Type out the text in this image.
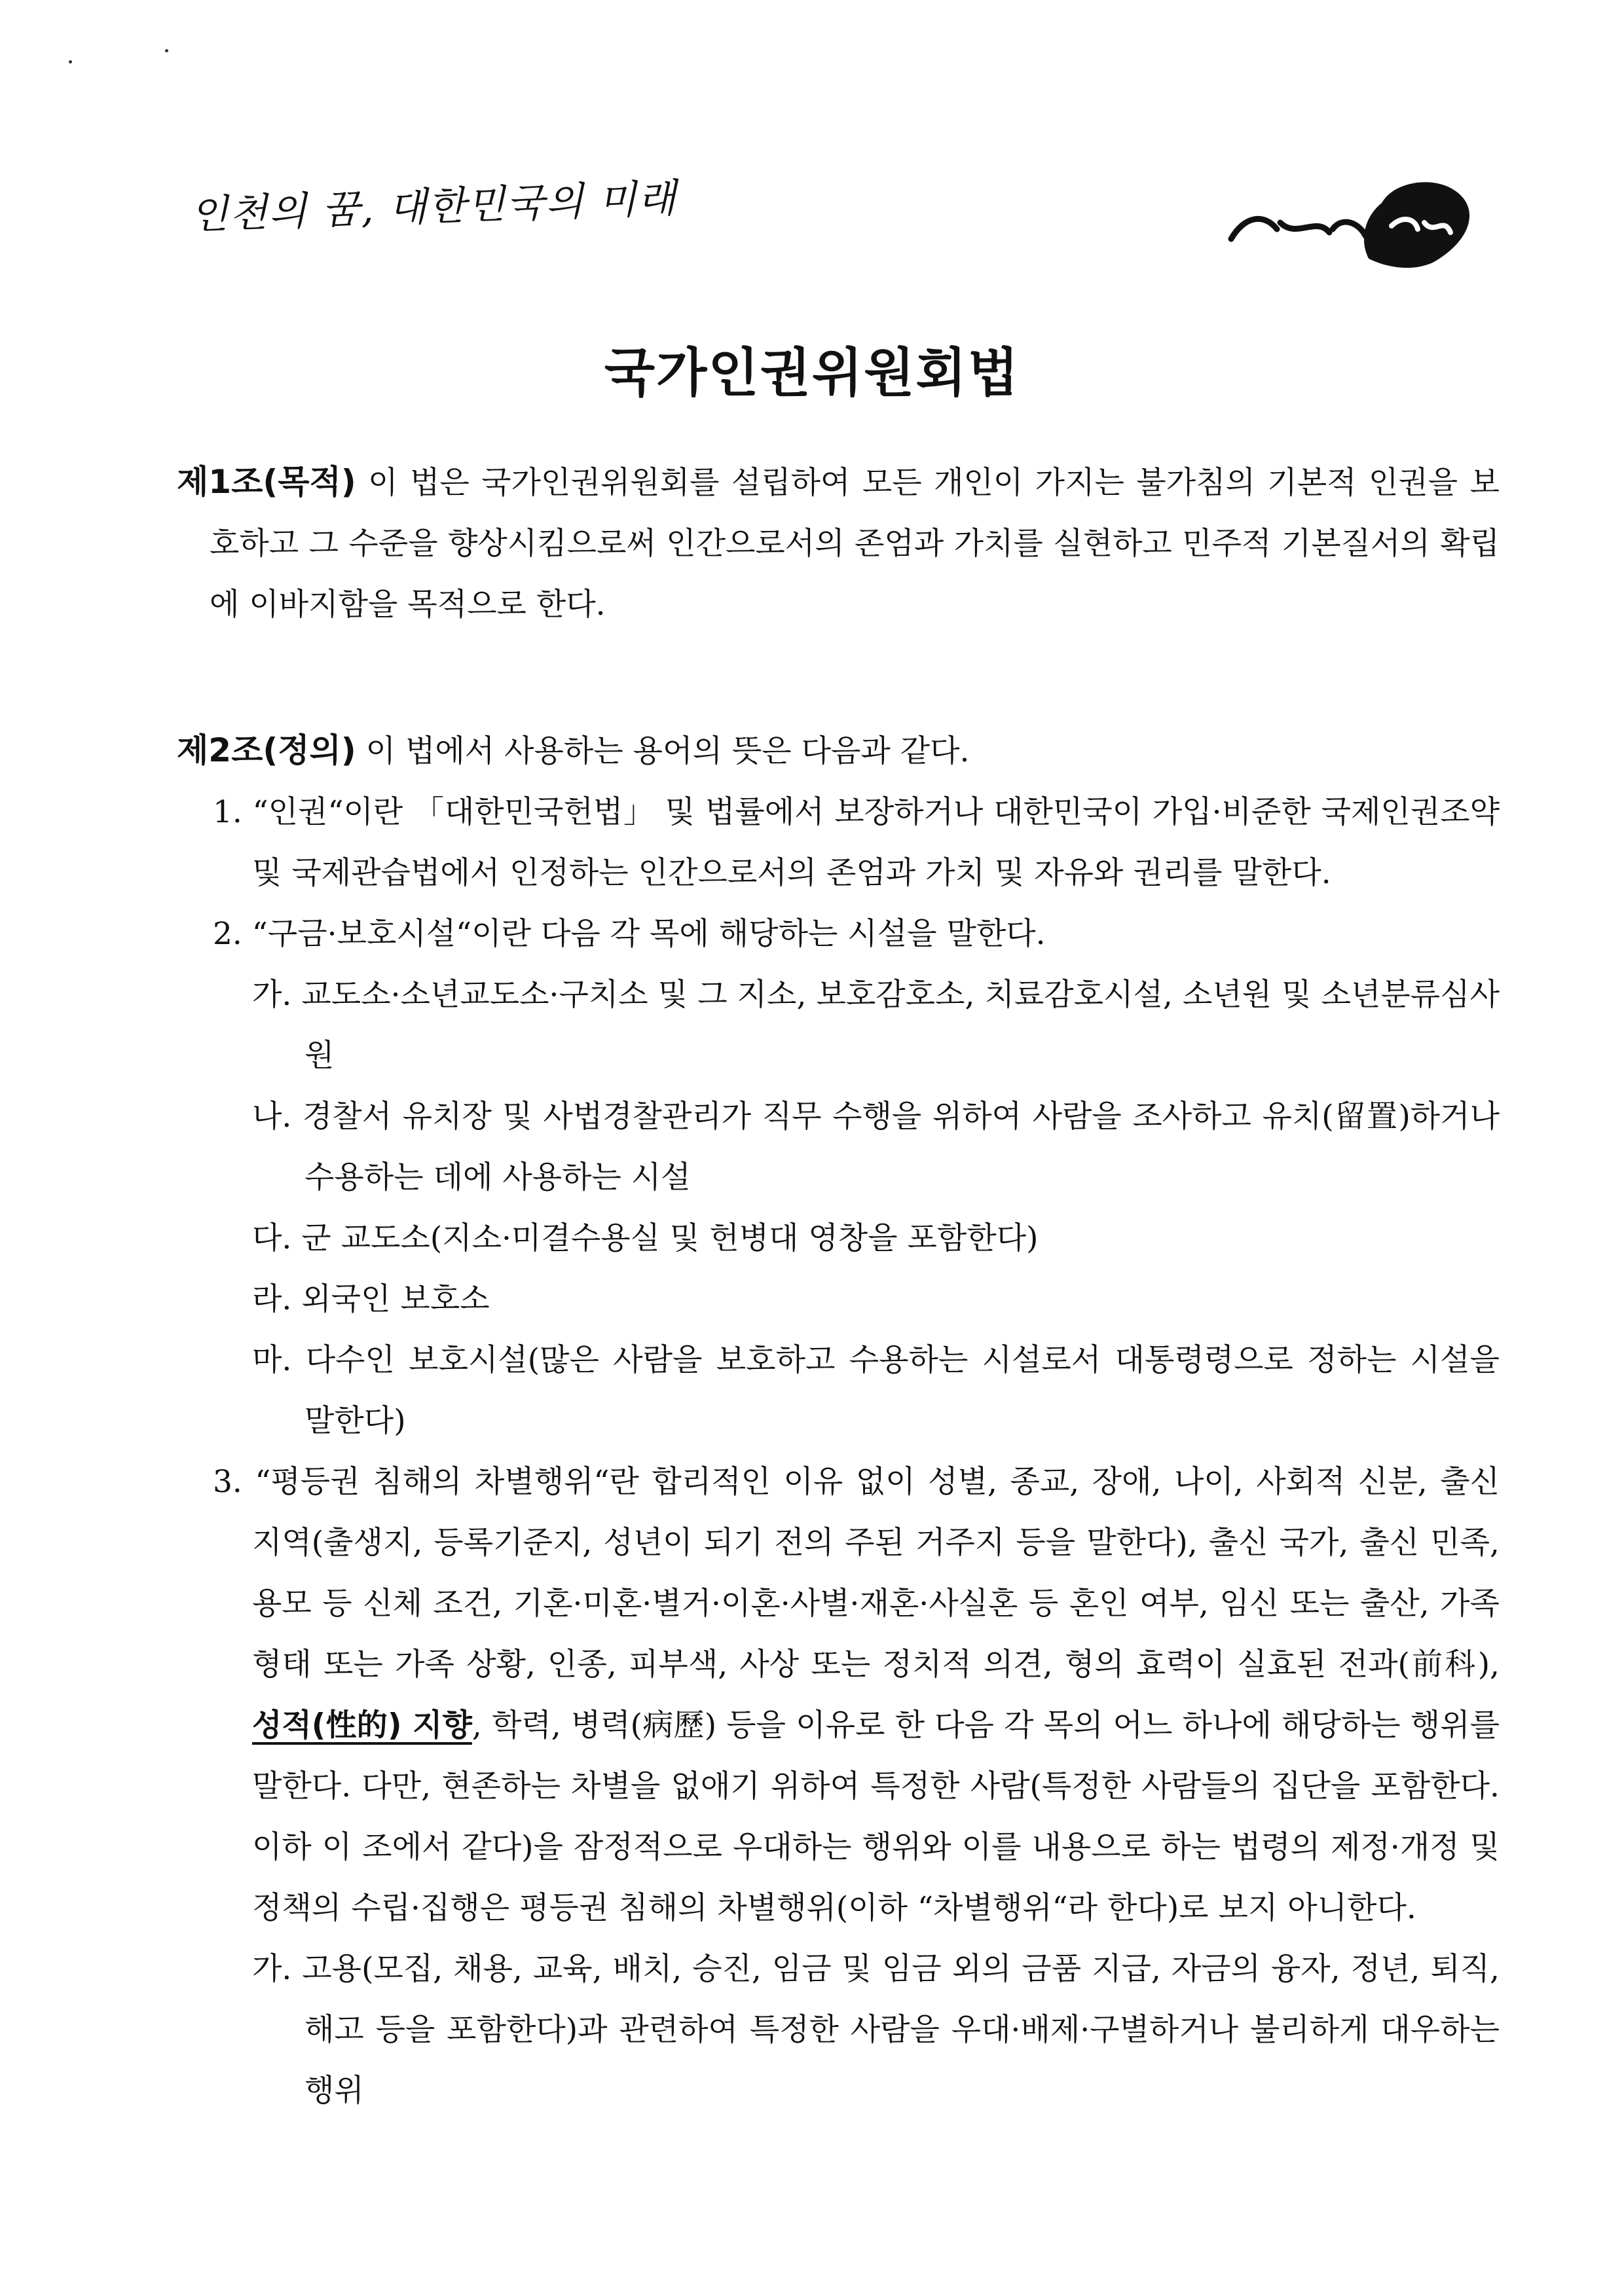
인천의 꿈, 대한민국의 미래
국가인권위원회법
제1조(목적) 이 법은 국가인권위원회를 설립하여 모든 개인이 가지는 불가침의 기본적 인권을 보호하고 그 수준을 향상시킴으로써 인간으로서의 존엄과 가치를 실현하고 민주적 기본질서의 확립에 이바지함을 목적으로 한다.
제2조(정의) 이 법에서 사용하는 용어의 뜻은 다음과 같다.
1. “인권“이란 「대한민국헌법」 및 법률에서 보장하거나 대한민국이 가입·비준한 국제인권조약 및 국제관습법에서 인정하는 인간으로서의 존엄과 가치 및 자유와 권리를 말한다.
2. “구금·보호시설“이란 다음 각 목에 해당하는 시설을 말한다.
가. 교도소·소년교도소·구치소 및 그 지소, 보호감호소, 치료감호시설, 소년원 및 소년분류심사원
나. 경찰서 유치장 및 사법경찰관리가 직무 수행을 위하여 사람을 조사하고 유치(留置)하거나 수용하는 데에 사용하는 시설
다. 군 교도소(지소·미결수용실 및 헌병대 영창을 포함한다)
라. 외국인 보호소
마. 다수인 보호시설(많은 사람을 보호하고 수용하는 시설로서 대통령령으로 정하는 시설을 말한다)
3. “평등권 침해의 차별행위“란 합리적인 이유 없이 성별, 종교, 장애, 나이, 사회적 신분, 출신 지역(출생지, 등록기준지, 성년이 되기 전의 주된 거주지 등을 말한다), 출신 국가, 출신 민족, 용모 등 신체 조건, 기혼·미혼·별거·이혼·사별·재혼·사실혼 등 혼인 여부, 임신 또는 출산, 가족 형태 또는 가족 상황, 인종, 피부색, 사상 또는 정치적 의견, 형의 효력이 실효된 전과(前科), 성적(性的) 지향, 학력, 병력(病歷) 등을 이유로 한 다음 각 목의 어느 하나에 해당하는 행위를 말한다. 다만, 현존하는 차별을 없애기 위하여 특정한 사람(특정한 사람들의 집단을 포함한다. 이하 이 조에서 같다)을 잠정적으로 우대하는 행위와 이를 내용으로 하는 법령의 제정·개정 및 정책의 수립·집행은 평등권 침해의 차별행위(이하 “차별행위“라 한다)로 보지 아니한다.
가. 고용(모집, 채용, 교육, 배치, 승진, 임금 및 임금 외의 금품 지급, 자금의 융자, 정년, 퇴직, 해고 등을 포함한다)과 관련하여 특정한 사람을 우대·배제·구별하거나 불리하게 대우하는 행위
